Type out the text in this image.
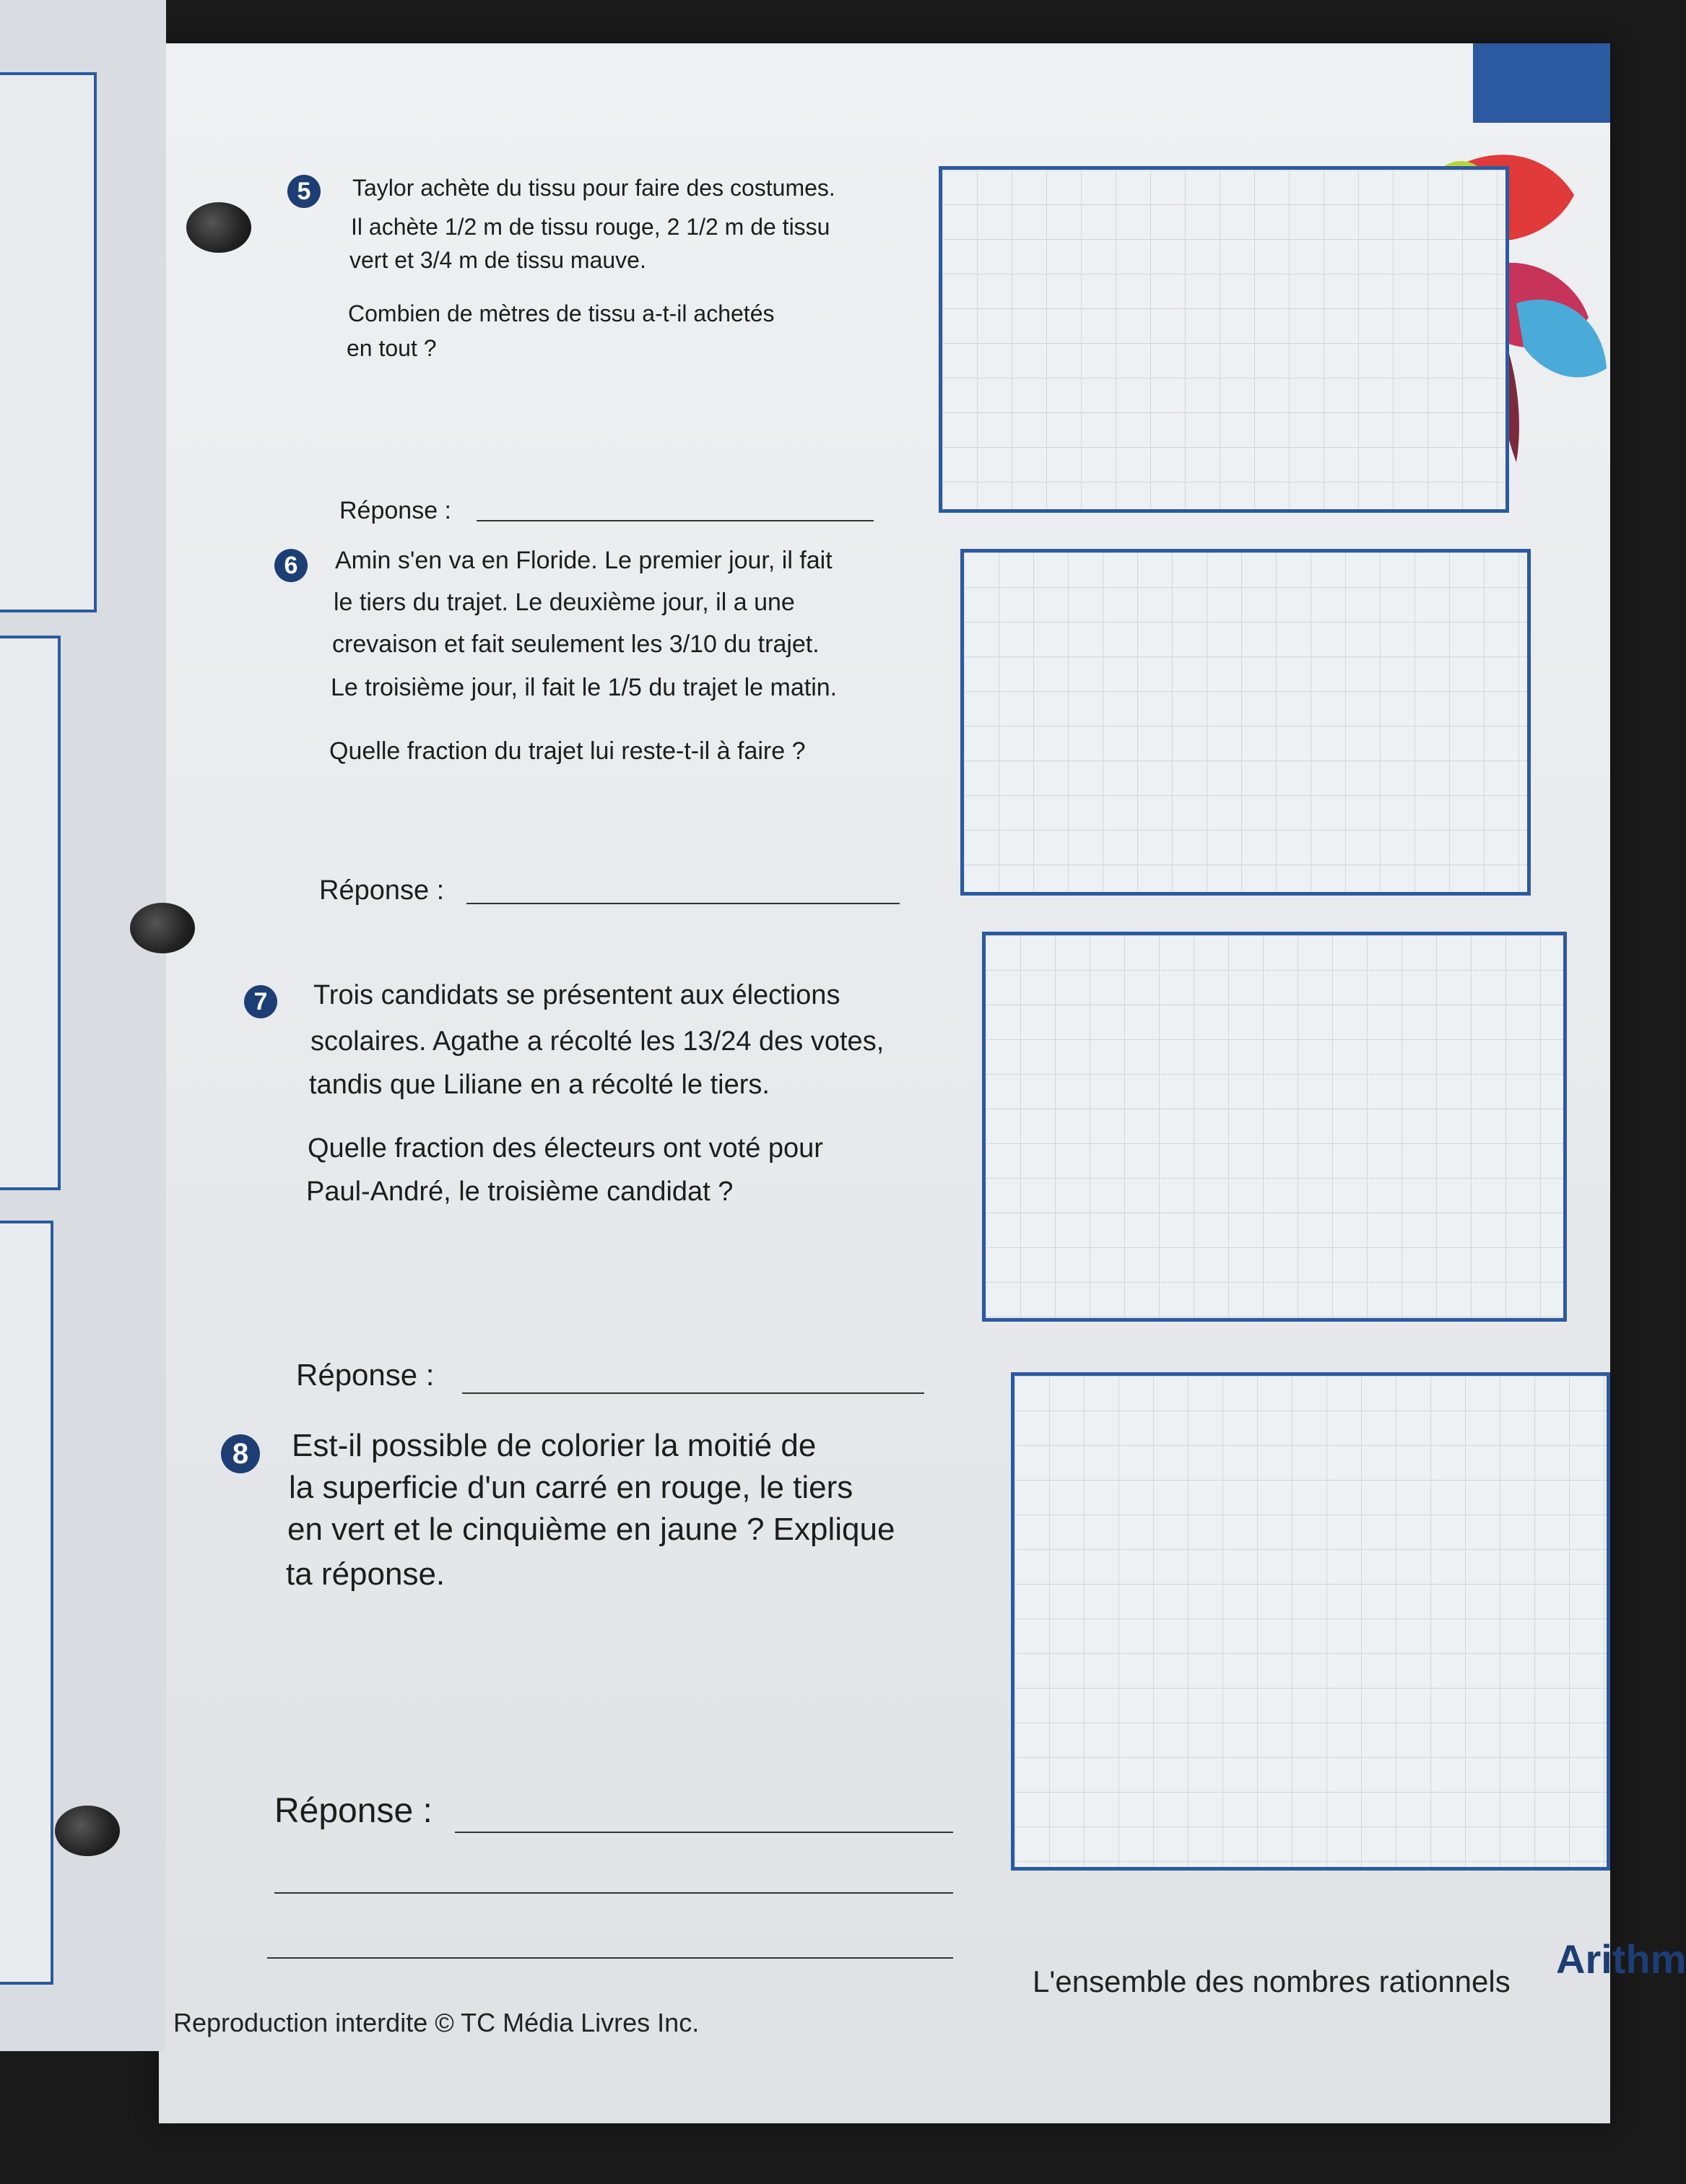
5	Taylor achète du tissu pour faire des costumes.
Il achète 1/2 m de tissu rouge, 2 1/2 m de tissu
vert et 3/4 m de tissu mauve.
Combien de mètres de tissu a-t-il achetés
en tout ?
Réponse :
6	Amin s'en va en Floride. Le premier jour, il fait
le tiers du trajet. Le deuxième jour, il a une
crevaison et fait seulement les 3/10 du trajet.
Le troisième jour, il fait le 1/5 du trajet le matin.
Quelle fraction du trajet lui reste-t-il à faire ?
Réponse :
7	Trois candidats se présentent aux élections
scolaires. Agathe a récolté les 13/24 des votes,
tandis que Liliane en a récolté le tiers.
Quelle fraction des électeurs ont voté pour
Paul-André, le troisième candidat ?
Réponse :
8	Est-il possible de colorier la moitié de
la superficie d'un carré en rouge, le tiers
en vert et le cinquième en jaune ? Explique
ta réponse.
Réponse :
Reproduction interdite © TC Média Livres Inc.
L'ensemble des nombres rationnels Arithm
